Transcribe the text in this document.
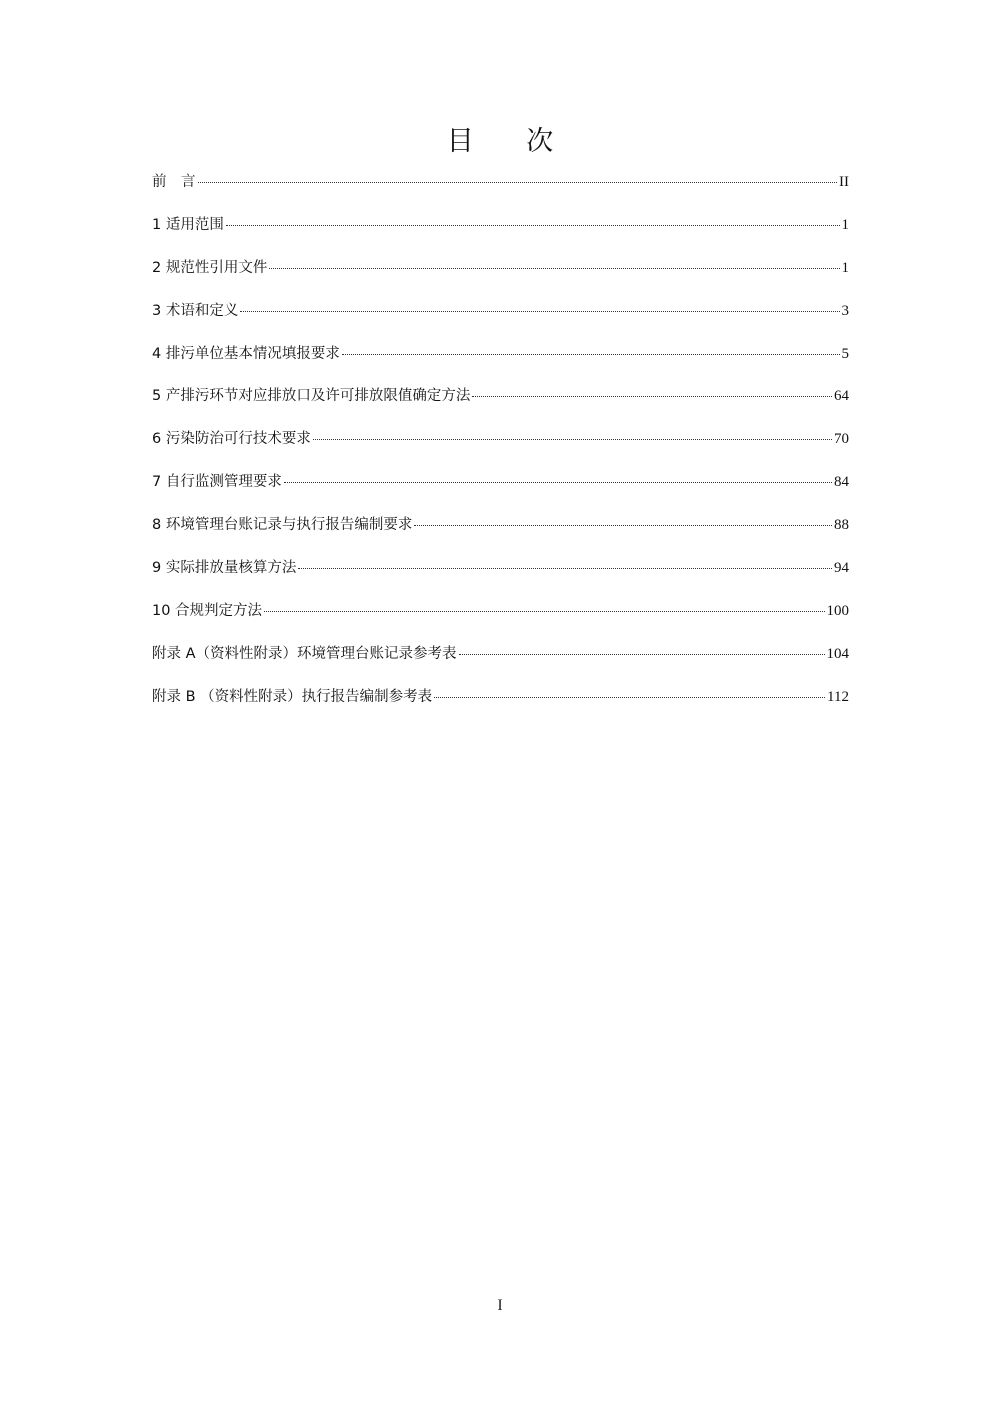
目 次
前　言	II
1 适用范围	1
2 规范性引用文件	1
3 术语和定义	3
4 排污单位基本情况填报要求	5
5 产排污环节对应排放口及许可排放限值确定方法	64
6 污染防治可行技术要求	70
7 自行监测管理要求	84
8 环境管理台账记录与执行报告编制要求	88
9 实际排放量核算方法	94
10 合规判定方法	100
附录 A（资料性附录）环境管理台账记录参考表	104
附录 B （资料性附录）执行报告编制参考表	112
I
